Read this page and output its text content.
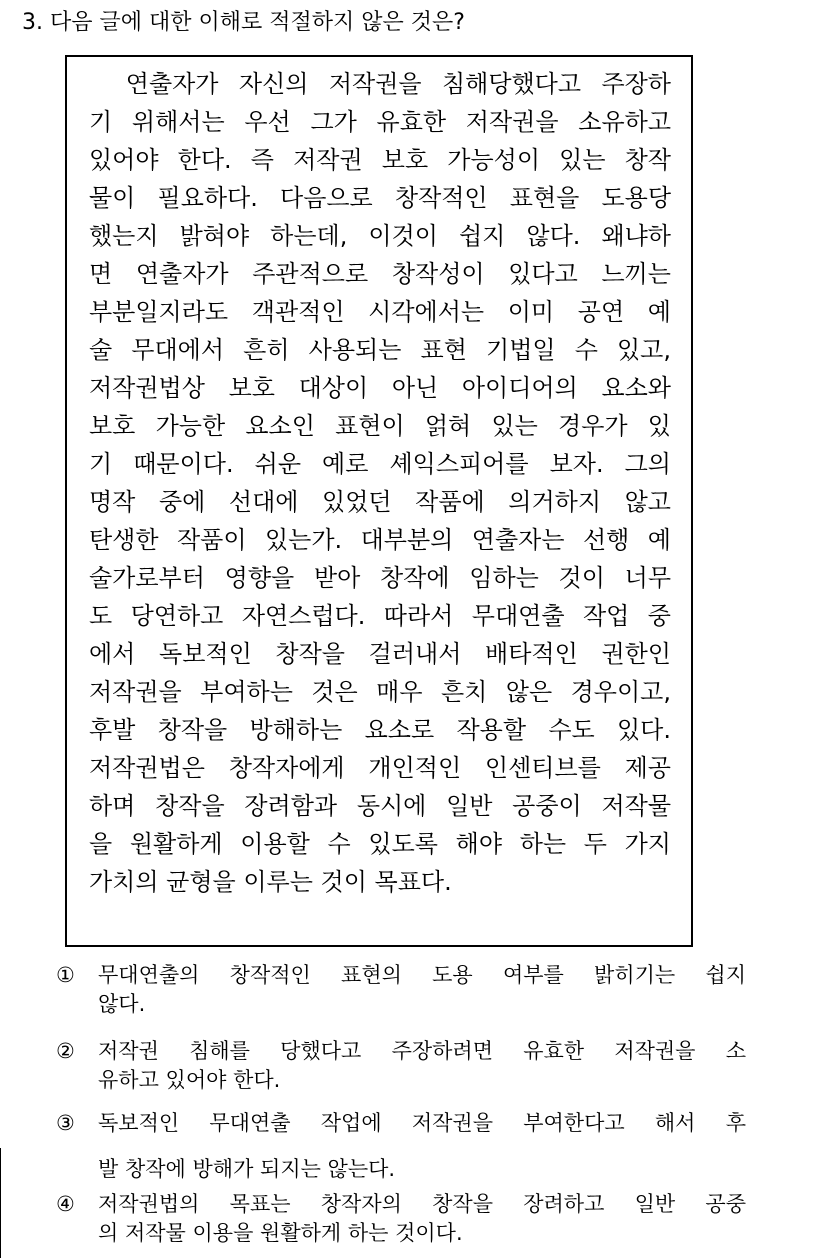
3. 다음 글에 대한 이해로 적절하지 않은 것은?
　연출자가 자신의 저작권을 침해당했다고 주장하
기 위해서는 우선 그가 유효한 저작권을 소유하고
있어야 한다. 즉 저작권 보호 가능성이 있는 창작
물이 필요하다. 다음으로 창작적인 표현을 도용당
했는지 밝혀야 하는데, 이것이 쉽지 않다. 왜냐하
면 연출자가 주관적으로 창작성이 있다고 느끼는
부분일지라도 객관적인 시각에서는 이미 공연 예
술 무대에서 흔히 사용되는 표현 기법일 수 있고,
저작권법상 보호 대상이 아닌 아이디어의 요소와
보호 가능한 요소인 표현이 얽혀 있는 경우가 있
기 때문이다. 쉬운 예로 셰익스피어를 보자. 그의
명작 중에 선대에 있었던 작품에 의거하지 않고
탄생한 작품이 있는가. 대부분의 연출자는 선행 예
술가로부터 영향을 받아 창작에 임하는 것이 너무
도 당연하고 자연스럽다. 따라서 무대연출 작업 중
에서 독보적인 창작을 걸러내서 배타적인 권한인
저작권을 부여하는 것은 매우 흔치 않은 경우이고,
후발 창작을 방해하는 요소로 작용할 수도 있다.
저작권법은 창작자에게 개인적인 인센티브를 제공
하며 창작을 장려함과 동시에 일반 공중이 저작물
을 원활하게 이용할 수 있도록 해야 하는 두 가지
가치의 균형을 이루는 것이 목표다.
①	무대연출의 창작적인 표현의 도용 여부를 밝히기는 쉽지
않다.
②	저작권 침해를 당했다고 주장하려면 유효한 저작권을 소
유하고 있어야 한다.
③	독보적인 무대연출 작업에 저작권을 부여한다고 해서 후
발 창작에 방해가 되지는 않는다.
④	저작권법의 목표는 창작자의 창작을 장려하고 일반 공중
의 저작물 이용을 원활하게 하는 것이다.
